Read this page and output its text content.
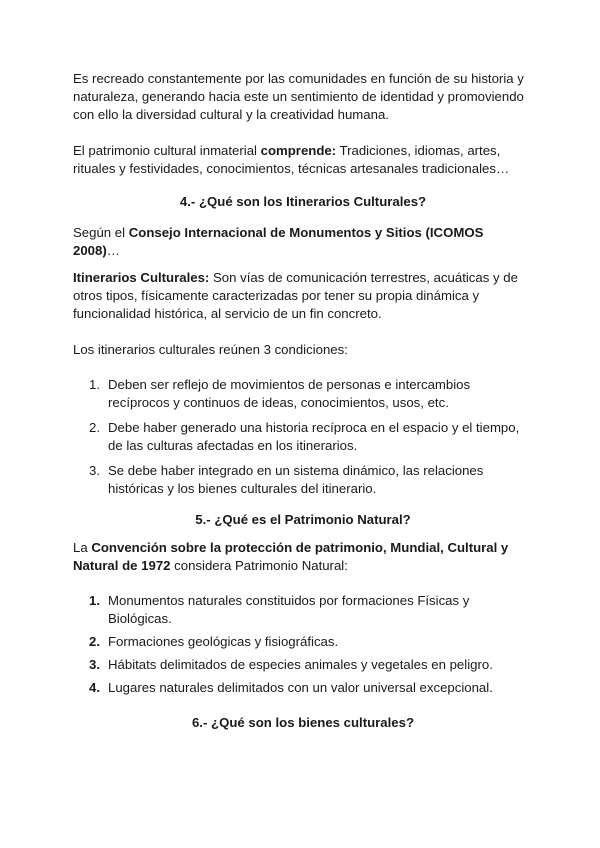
Es recreado constantemente por las comunidades en función de su historia y naturaleza, generando hacia este un sentimiento de identidad y promoviendo con ello la diversidad cultural y la creatividad humana.

El patrimonio cultural inmaterial comprende: Tradiciones, idiomas, artes, rituales y festividades, conocimientos, técnicas artesanales tradicionales…

4.- ¿Qué son los Itinerarios Culturales?

Según el Consejo Internacional de Monumentos y Sitios (ICOMOS 2008)…

Itinerarios Culturales: Son vías de comunicación terrestres, acuáticas y de otros tipos, físicamente caracterizadas por tener su propia dinámica y funcionalidad histórica, al servicio de un fin concreto.

Los itinerarios culturales reúnen 3 condiciones:

1. Deben ser reflejo de movimientos de personas e intercambios recíprocos y continuos de ideas, conocimientos, usos, etc.
2. Debe haber generado una historia recíproca en el espacio y el tiempo, de las culturas afectadas en los itinerarios.
3. Se debe haber integrado en un sistema dinámico, las relaciones históricas y los bienes culturales del itinerario.
5.- ¿Qué es el Patrimonio Natural?

La Convención sobre la protección de patrimonio, Mundial, Cultural y Natural de 1972 considera Patrimonio Natural:

1. Monumentos naturales constituidos por formaciones Físicas y Biológicas.
2. Formaciones geológicas y fisiográficas.
3. Hábitats delimitados de especies animales y vegetales en peligro.
4. Lugares naturales delimitados con un valor universal excepcional.
6.- ¿Qué son los bienes culturales?
